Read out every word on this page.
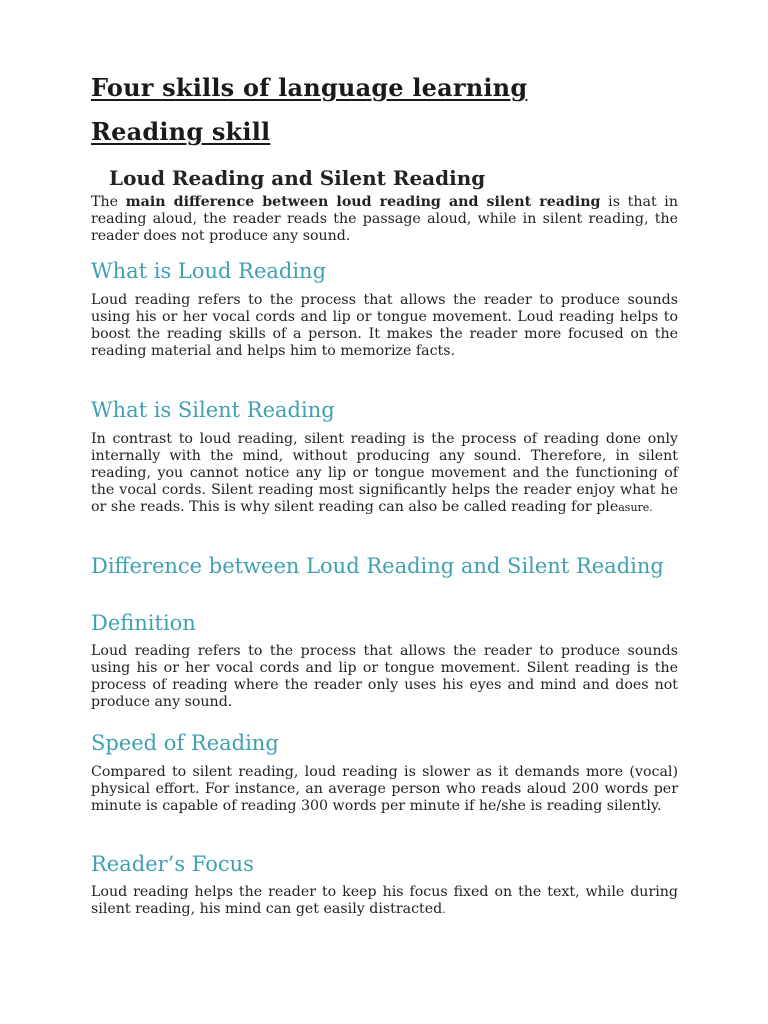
Four skills of language learning
Reading skill
Loud Reading and Silent Reading

The main difference between loud reading and silent reading is that in reading aloud, the reader reads the passage aloud, while in silent reading, the reader does not produce any sound.

What is Loud Reading

Loud reading refers to the process that allows the reader to produce sounds using his or her vocal cords and lip or tongue movement. Loud reading helps to boost the reading skills of a person. It makes the reader more focused on the reading material and helps him to memorize facts.

What is Silent Reading

In contrast to loud reading, silent reading is the process of reading done only internally with the mind, without producing any sound. Therefore, in silent reading, you cannot notice any lip or tongue movement and the functioning of the vocal cords. Silent reading most significantly helps the reader enjoy what he or she reads. This is why silent reading can also be called reading for pleasure.

Difference between Loud Reading and Silent Reading
Definition

Loud reading refers to the process that allows the reader to produce sounds using his or her vocal cords and lip or tongue movement. Silent reading is the process of reading where the reader only uses his eyes and mind and does not produce any sound.

Speed of Reading

Compared to silent reading, loud reading is slower as it demands more (vocal) physical effort. For instance, an average person who reads aloud 200 words per minute is capable of reading 300 words per minute if he/she is reading silently.

Reader’s Focus

Loud reading helps the reader to keep his focus fixed on the text, while during silent reading, his mind can get easily distracted.
